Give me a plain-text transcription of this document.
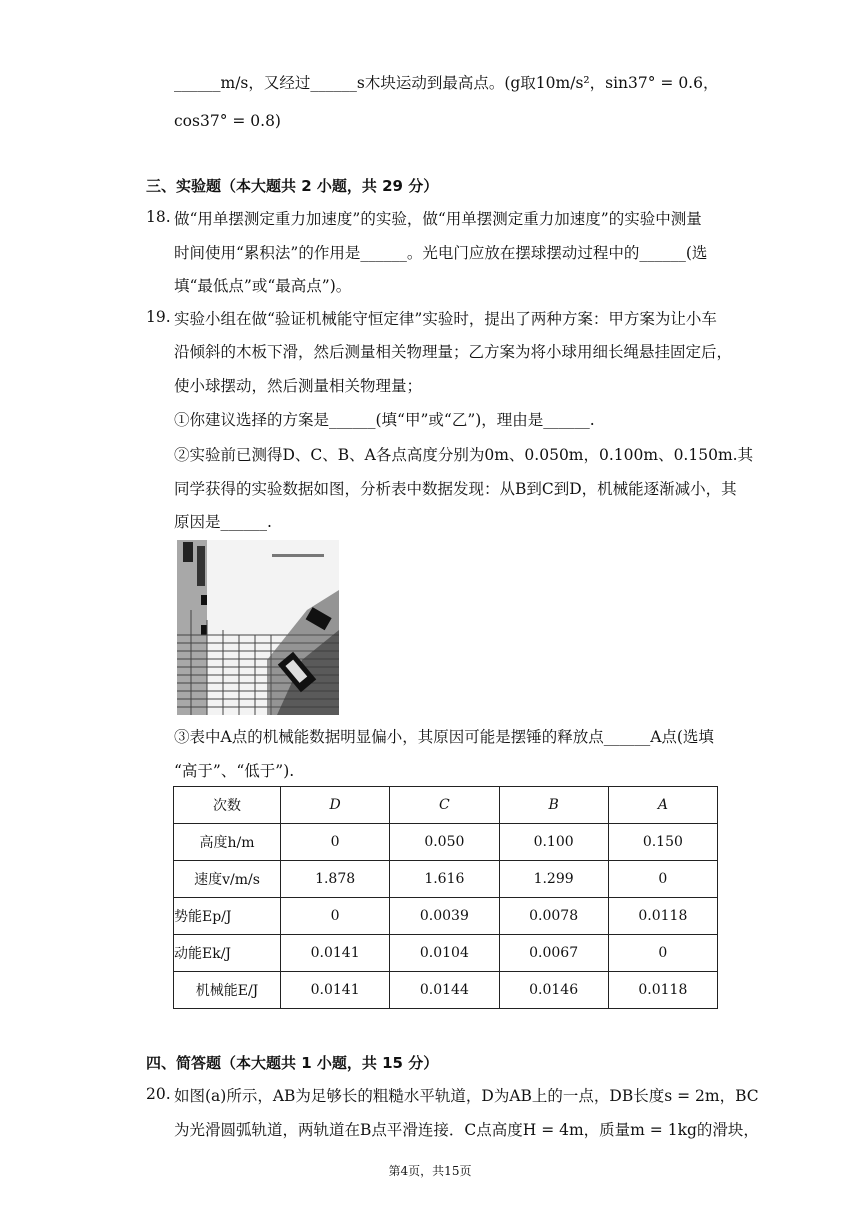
______m/s，又经过______s木块运动到最高点。(g取10m/s²，sin37° = 0.6，
cos37° = 0.8)
三、实验题（本大题共 2 小题，共 29 分）
18. 做“用单摆测定重力加速度”的实验，做“用单摆测定重力加速度”的实验中测量
时间使用“累积法”的作用是______。光电门应放在摆球摆动过程中的______(选
填“最低点”或“最高点”)。
19. 实验小组在做“验证机械能守恒定律”实验时，提出了两种方案：甲方案为让小车
沿倾斜的木板下滑，然后测量相关物理量；乙方案为将小球用细长绳悬挂固定后，
使小球摆动，然后测量相关物理量；
①你建议选择的方案是______(填“甲”或“乙”)，理由是______.
②实验前已测得D、C、B、A各点高度分别为0m、0.050m，0.100m、0.150m.其
同学获得的实验数据如图，分析表中数据发现：从B到C到D，机械能逐渐减小，其
原因是______.
③表中A点的机械能数据明显偏小，其原因可能是摆锤的释放点______A点(选填
“高于”、“低于”).
次数	D	C	B	A
高度h/m	0	0.050	0.100	0.150
速度v/m/s	1.878	1.616	1.299	0
势能Ep/J	0	0.0039	0.0078	0.0118
动能Ek/J	0.0141	0.0104	0.0067	0
机械能E/J	0.0141	0.0144	0.0146	0.0118
四、简答题（本大题共 1 小题，共 15 分）
20. 如图(a)所示，AB为足够长的粗糙水平轨道，D为AB上的一点，DB长度s = 2m，BC
为光滑圆弧轨道，两轨道在B点平滑连接．C点高度H = 4m，质量m = 1kg的滑块，
第4页，共15页
